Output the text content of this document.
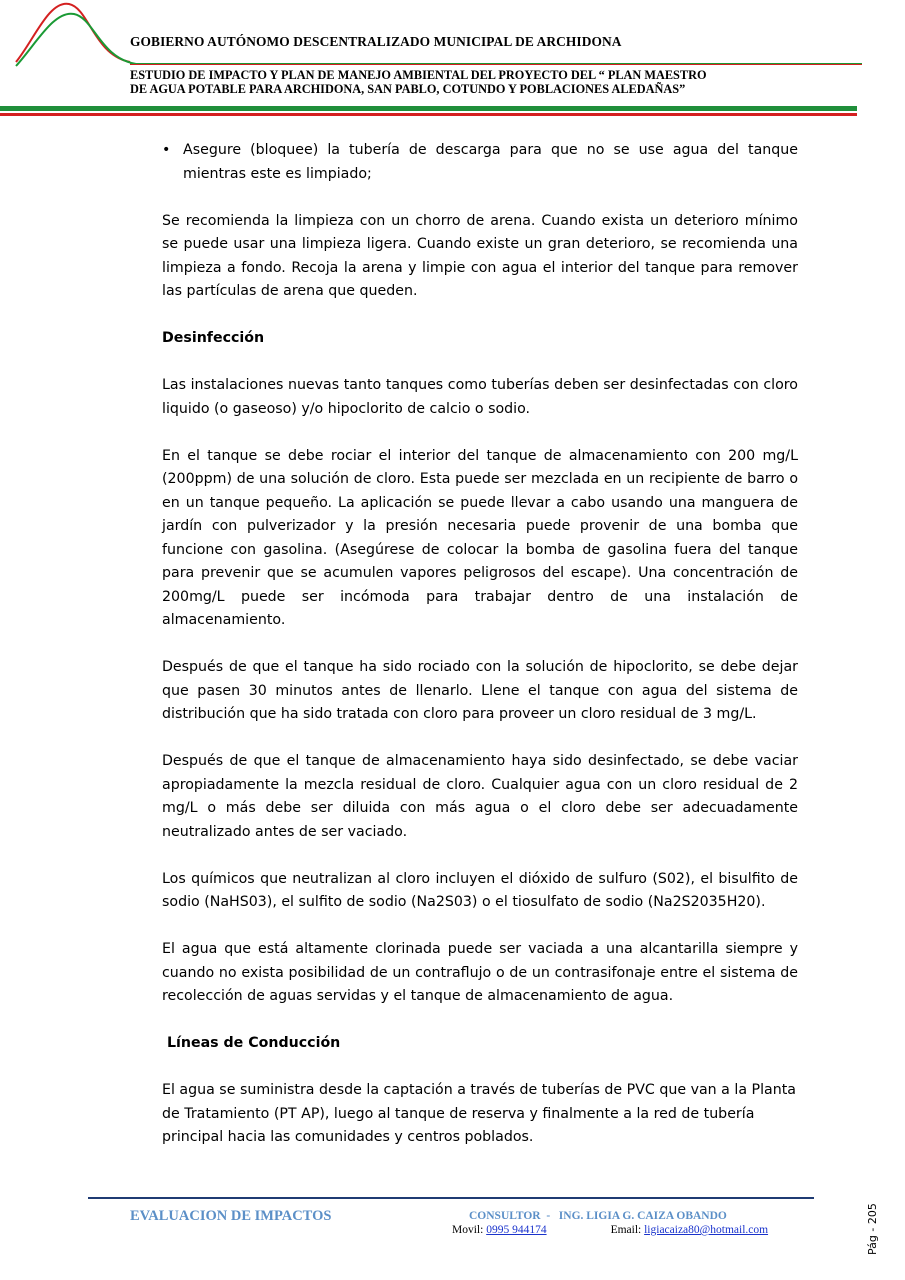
GOBIERNO AUTÓNOMO DESCENTRALIZADO MUNICIPAL DE ARCHIDONA
ESTUDIO DE IMPACTO Y PLAN DE MANEJO AMBIENTAL DEL PROYECTO DEL “ PLAN MAESTRO
DE AGUA POTABLE PARA ARCHIDONA, SAN PABLO, COTUNDO Y POBLACIONES ALEDAÑAS”
• Asegure (bloquee) la tubería de descarga para que no se use agua del tanque mientras este es limpiado;

Se recomienda la limpieza con un chorro de arena. Cuando exista un deterioro mínimo se puede usar una limpieza ligera. Cuando existe un gran deterioro, se recomienda una limpieza a fondo. Recoja la arena y limpie con agua el interior del tanque para remover las partículas de arena que queden.

Desinfección

Las instalaciones nuevas tanto tanques como tuberías deben ser desinfectadas con cloro liquido (o gaseoso) y/o hipoclorito de calcio o sodio.

En el tanque se debe rociar el interior del tanque de almacenamiento con 200 mg/L (200ppm) de una solución de cloro. Esta puede ser mezclada en un recipiente de barro o en un tanque pequeño. La aplicación se puede llevar a cabo usando una manguera de jardín con pulverizador y la presión necesaria puede provenir de una bomba que funcione con gasolina. (Asegúrese de colocar la bomba de gasolina fuera del tanque para prevenir que se acumulen vapores peligrosos del escape). Una concentración de 200mg/L puede ser incómoda para trabajar dentro de una instalación de almacenamiento.

Después de que el tanque ha sido rociado con la solución de hipoclorito, se debe dejar que pasen 30 minutos antes de llenarlo. Llene el tanque con agua del sistema de distribución que ha sido tratada con cloro para proveer un cloro residual de 3 mg/L.

Después de que el tanque de almacenamiento haya sido desinfectado, se debe vaciar apropiadamente la mezcla residual de cloro. Cualquier agua con un cloro residual de 2 mg/L o más debe ser diluida con más agua o el cloro debe ser adecuadamente neutralizado antes de ser vaciado.

Los químicos que neutralizan al cloro incluyen el dióxido de sulfuro (S02), el bisulfito de sodio (NaHS03), el sulfito de sodio (Na2S03) o el tiosulfato de sodio (Na2S2035H20).

El agua que está altamente clorinada puede ser vaciada a una alcantarilla siempre y cuando no exista posibilidad de un contraflujo o de un contrasifonaje entre el sistema de recolección de aguas servidas y el tanque de almacenamiento de agua.

Líneas de Conducción

El agua se suministra desde la captación a través de tuberías de PVC que van a la Planta de Tratamiento (PT AP), luego al tanque de reserva y finalmente a la red de tubería principal hacia las comunidades y centros poblados.

EVALUACION DE IMPACTOS	CONSULTOR  -   ING. LIGIA G. CAIZA OBANDO
Movil: 0995 944174	Email: ligiacaiza80@hotmail.com	Pág - 205
